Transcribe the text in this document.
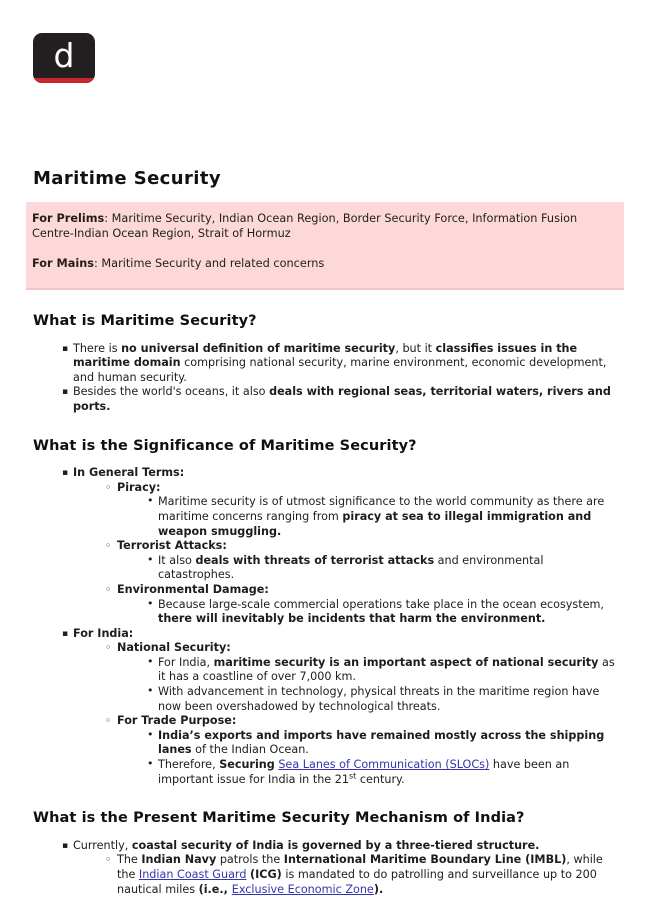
d
Maritime Security

For Prelims: Maritime Security, Indian Ocean Region, Border Security Force, Information Fusion Centre-Indian Ocean Region, Strait of Hormuz

For Mains: Maritime Security and related concerns

What is Maritime Security?
▪ There is no universal definition of maritime security, but it classifies issues in the maritime domain comprising national security, marine environment, economic development, and human security.
▪ Besides the world's oceans, it also deals with regional seas, territorial waters, rivers and ports.
What is the Significance of Maritime Security?
▪ In General Terms:
◦ Piracy:
• Maritime security is of utmost significance to the world community as there are maritime concerns ranging from piracy at sea to illegal immigration and weapon smuggling.
◦ Terrorist Attacks:
• It also deals with threats of terrorist attacks and environmental catastrophes.
◦ Environmental Damage:
• Because large-scale commercial operations take place in the ocean ecosystem, there will inevitably be incidents that harm the environment.
▪ For India:
◦ National Security:
• For India, maritime security is an important aspect of national security as it has a coastline of over 7,000 km.
• With advancement in technology, physical threats in the maritime region have now been overshadowed by technological threats.
◦ For Trade Purpose:
• India’s exports and imports have remained mostly across the shipping lanes of the Indian Ocean.
• Therefore, Securing Sea Lanes of Communication (SLOCs) have been an important issue for India in the 21st century.
What is the Present Maritime Security Mechanism of India?
▪ Currently, coastal security of India is governed by a three-tiered structure.
◦ The Indian Navy patrols the International Maritime Boundary Line (IMBL), while the Indian Coast Guard (ICG) is mandated to do patrolling and surveillance up to 200 nautical miles (i.e., Exclusive Economic Zone).
